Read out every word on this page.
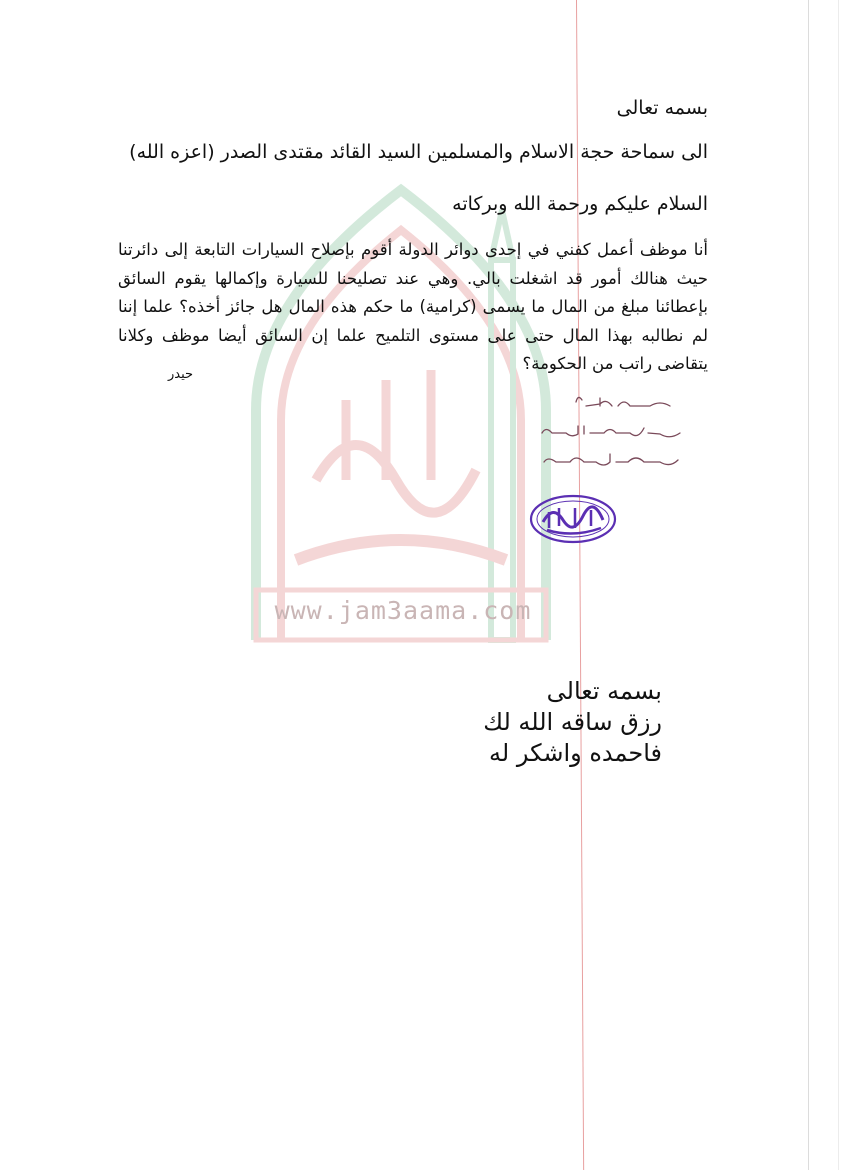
www.jam3aama.com
بسمه تعالى
الى سماحة حجة الاسلام والمسلمين السيد القائد مقتدى الصدر (اعزه الله)
السلام عليكم ورحمة الله وبركاته
أنا موظف أعمل كفني في إحدى دوائر الدولة أقوم بإصلاح السيارات التابعة إلى دائرتنا حيث هنالك أمور قد اشغلت بالي. وهي عند تصليحنا للسيارة وإكمالها يقوم السائق بإعطائنا مبلغ من المال ما يسمى (كرامية) ما حكم هذه المال هل جائز أخذه؟ علما إننا لم نطالبه بهذا المال حتى على مستوى التلميح علما إن السائق أيضا موظف وكلانا يتقاضى راتب من الحكومة؟
حيدر
بسمه تعالى
رزق ساقه الله لك
فاحمده واشكر له
